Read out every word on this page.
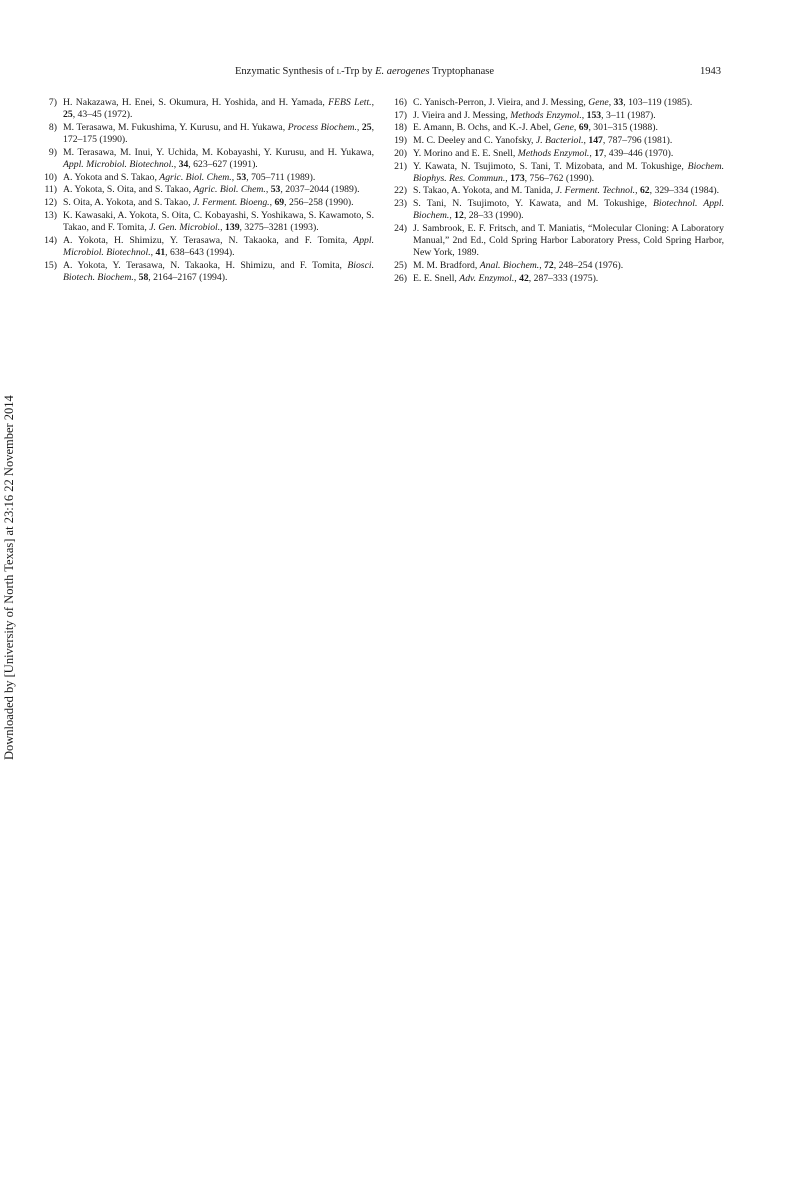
Enzymatic Synthesis of l-Trp by E. aerogenes Tryptophanase	1943
7) H. Nakazawa, H. Enei, S. Okumura, H. Yoshida, and H. Yamada, FEBS Lett., 25, 43–45 (1972).
8) M. Terasawa, M. Fukushima, Y. Kurusu, and H. Yukawa, Process Biochem., 25, 172–175 (1990).
9) M. Terasawa, M. Inui, Y. Uchida, M. Kobayashi, Y. Kurusu, and H. Yukawa, Appl. Microbiol. Biotechnol., 34, 623–627 (1991).
10) A. Yokota and S. Takao, Agric. Biol. Chem., 53, 705–711 (1989).
11) A. Yokota, S. Oita, and S. Takao, Agric. Biol. Chem., 53, 2037–2044 (1989).
12) S. Oita, A. Yokota, and S. Takao, J. Ferment. Bioeng., 69, 256–258 (1990).
13) K. Kawasaki, A. Yokota, S. Oita, C. Kobayashi, S. Yoshikawa, S. Kawamoto, S. Takao, and F. Tomita, J. Gen. Microbiol., 139, 3275–3281 (1993).
14) A. Yokota, H. Shimizu, Y. Terasawa, N. Takaoka, and F. Tomita, Appl. Microbiol. Biotechnol., 41, 638–643 (1994).
15) A. Yokota, Y. Terasawa, N. Takaoka, H. Shimizu, and F. Tomita, Biosci. Biotech. Biochem., 58, 2164–2167 (1994).
16) C. Yanisch-Perron, J. Vieira, and J. Messing, Gene, 33, 103–119 (1985).
17) J. Vieira and J. Messing, Methods Enzymol., 153, 3–11 (1987).
18) E. Amann, B. Ochs, and K.-J. Abel, Gene, 69, 301–315 (1988).
19) M. C. Deeley and C. Yanofsky, J. Bacteriol., 147, 787–796 (1981).
20) Y. Morino and E. E. Snell, Methods Enzymol., 17, 439–446 (1970).
21) Y. Kawata, N. Tsujimoto, S. Tani, T. Mizobata, and M. Tokushige, Biochem. Biophys. Res. Commun., 173, 756–762 (1990).
22) S. Takao, A. Yokota, and M. Tanida, J. Ferment. Technol., 62, 329–334 (1984).
23) S. Tani, N. Tsujimoto, Y. Kawata, and M. Tokushige, Biotechnol. Appl. Biochem., 12, 28–33 (1990).
24) J. Sambrook, E. F. Fritsch, and T. Maniatis, “Molecular Cloning: A Laboratory Manual,” 2nd Ed., Cold Spring Harbor Laboratory Press, Cold Spring Harbor, New York, 1989.
25) M. M. Bradford, Anal. Biochem., 72, 248–254 (1976).
26) E. E. Snell, Adv. Enzymol., 42, 287–333 (1975).
Downloaded by [University of North Texas] at 23:16 22 November 2014
